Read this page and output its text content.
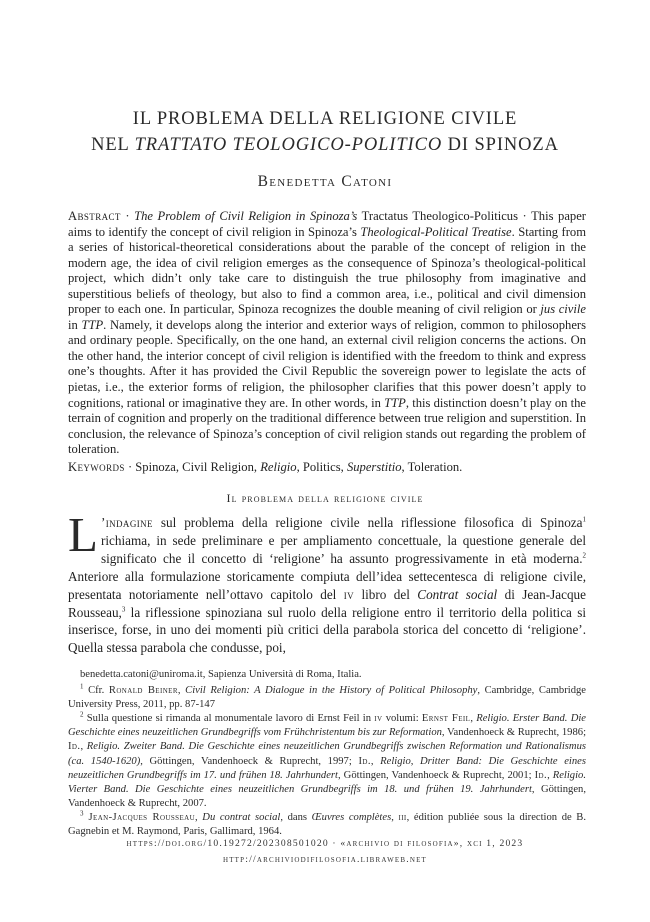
IL PROBLEMA DELLA RELIGIONE CIVILE
NEL TRATTATO TEOLOGICO-POLITICO DI SPINOZA
Benedetta Catoni
Abstract · The Problem of Civil Religion in Spinoza’s Tractatus Theologico-Politicus · This paper aims to identify the concept of civil religion in Spinoza’s Theological-Political Treatise. Starting from a series of historical-theoretical considerations about the parable of the concept of religion in the modern age, the idea of civil religion emerges as the consequence of Spinoza’s theological-political project, which didn’t only take care to distinguish the true philosophy from imaginative and superstitious beliefs of theology, but also to find a common area, i.e., political and civil dimension proper to each one. In particular, Spinoza recognizes the double meaning of civil religion or jus civile in TTP. Namely, it develops along the interior and exterior ways of religion, common to philosophers and ordinary people. Specifically, on the one hand, an external civil religion concerns the actions. On the other hand, the interior concept of civil religion is identified with the freedom to think and express one’s thoughts. After it has provided the Civil Republic the sovereign power to legislate the acts of pietas, i.e., the exterior forms of religion, the philosopher clarifies that this power doesn’t apply to cognitions, rational or imaginative they are. In other words, in TTP, this distinction doesn’t play on the terrain of cognition and properly on the traditional difference between true religion and superstition. In conclusion, the relevance of Spinoza’s conception of civil religion stands out regarding the problem of toleration.
Keywords · Spinoza, Civil Religion, Religio, Politics, Superstitio, Toleration.
Il problema della religione civile
L ’indagine sul problema della religione civile nella riflessione filosofica di Spinoza$^1$ richiama, in sede preliminare e per ampliamento concettuale, la questione generale del significato che il concetto di ‘religione’ ha assunto progressivamente in età moderna.$^2$ Anteriore alla formulazione storicamente compiuta dell’idea settecentesca di religione civile, presentata notoriamente nell’ottavo capitolo del iv libro del Contrat social di Jean-Jacque Rousseau,$^3$ la riflessione spinoziana sul ruolo della religione entro il territorio della politica si inserisce, forse, in uno dei momenti più critici della parabola storica del concetto di ‘religione’. Quella stessa parabola che condusse, poi,

benedetta.catoni@uniroma.it, Sapienza Università di Roma, Italia.

$^1$ Cfr. Ronald Beiner, Civil Religion: A Dialogue in the History of Political Philosophy, Cambridge, Cambridge University Press, 2011, pp. 87-147

$^2$ Sulla questione si rimanda al monumentale lavoro di Ernst Feil in iv volumi: Ernst Feil, Religio. Erster Band. Die Geschichte eines neuzeitlichen Grundbegriffs vom Frühchristentum bis zur Reformation, Vandenhoeck & Ruprecht, 1986; Id., Religio. Zweiter Band. Die Geschichte eines neuzeitlichen Grundbegriffs zwischen Reformation und Rationalismus (ca. 1540-1620), Göttingen, Vandenhoeck & Ruprecht, 1997; Id., Religio, Dritter Band: Die Geschichte eines neuzeitlichen Grundbegriffs im 17. und frühen 18. Jahrhundert, Göttingen, Vandenhoeck & Ruprecht, 2001; Id., Religio. Vierter Band. Die Geschichte eines neuzeitlichen Grundbegriffs im 18. und frühen 19. Jahrhundert, Göttingen, Vandenhoeck & Ruprecht, 2007.

$^3$ Jean-Jacques Rousseau, Du contrat social, dans Œuvres complètes, iii, édition publiée sous la direction de B. Gagnebin et M. Raymond, Paris, Gallimard, 1964.

https://doi.org/10.19272/202308501020 · «archivio di filosofia», xci 1, 2023
http://archiviodifilosofia.libraweb.net
